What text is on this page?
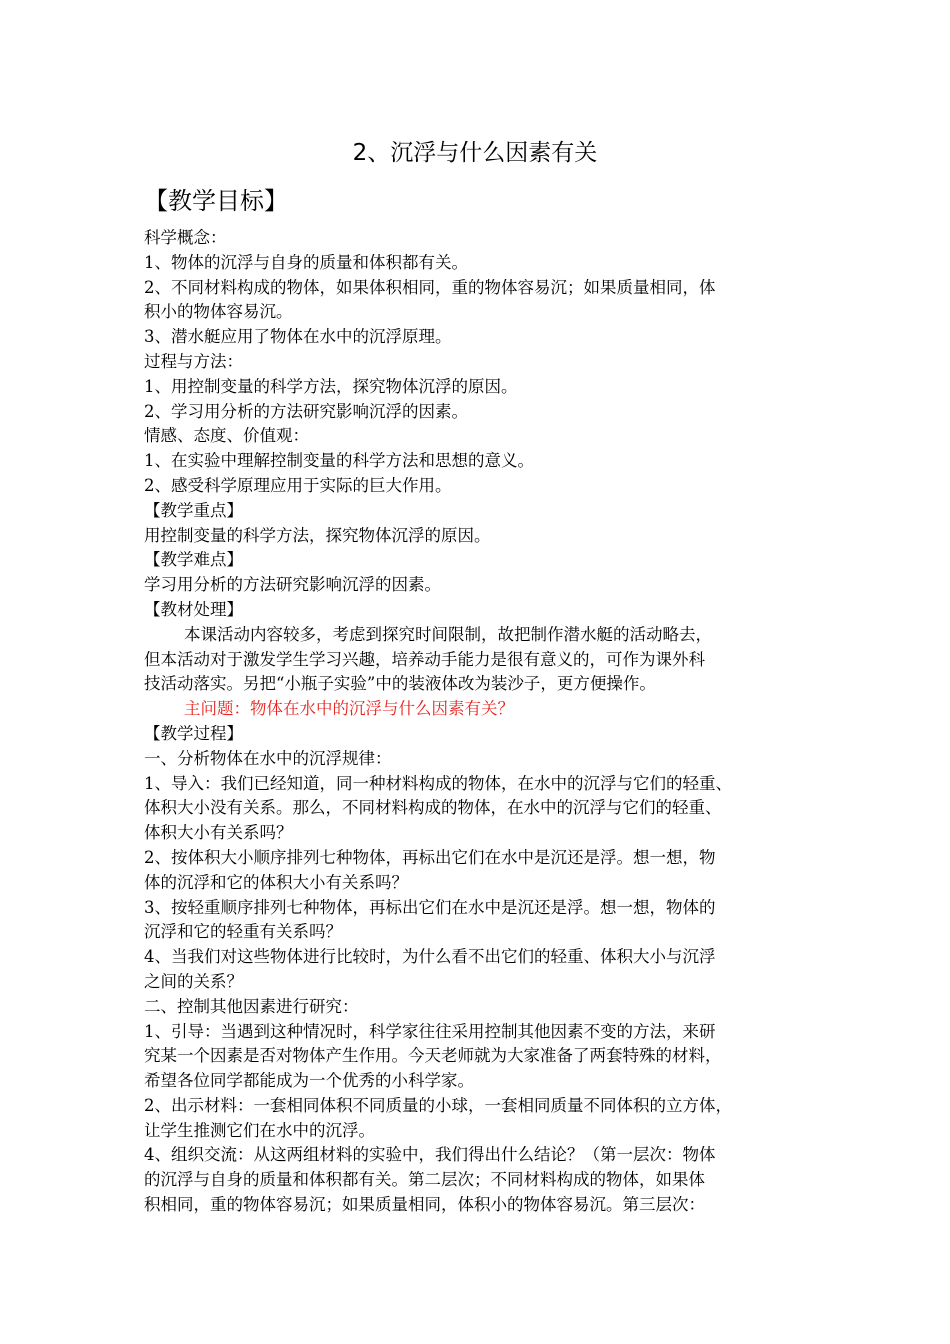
2、沉浮与什么因素有关
【教学目标】

科学概念：

1、物体的沉浮与自身的质量和体积都有关。

2、不同材料构成的物体，如果体积相同，重的物体容易沉；如果质量相同，体

积小的物体容易沉。

3、潜水艇应用了物体在水中的沉浮原理。

过程与方法：

1、用控制变量的科学方法，探究物体沉浮的原因。

2、学习用分析的方法研究影响沉浮的因素。

情感、态度、价值观：

1、在实验中理解控制变量的科学方法和思想的意义。

2、感受科学原理应用于实际的巨大作用。

【教学重点】

用控制变量的科学方法，探究物体沉浮的原因。

【教学难点】

学习用分析的方法研究影响沉浮的因素。

【教材处理】

本课活动内容较多，考虑到探究时间限制，故把制作潜水艇的活动略去，

但本活动对于激发学生学习兴趣，培养动手能力是很有意义的，可作为课外科

技活动落实。另把“小瓶子实验”中的装液体改为装沙子，更方便操作。

主问题：物体在水中的沉浮与什么因素有关？

【教学过程】

一、分析物体在水中的沉浮规律：

1、导入：我们已经知道，同一种材料构成的物体，在水中的沉浮与它们的轻重、

体积大小没有关系。那么，不同材料构成的物体，在水中的沉浮与它们的轻重、

体积大小有关系吗？

2、按体积大小顺序排列七种物体，再标出它们在水中是沉还是浮。想一想，物

体的沉浮和它的体积大小有关系吗？

3、按轻重顺序排列七种物体，再标出它们在水中是沉还是浮。想一想，物体的

沉浮和它的轻重有关系吗？

4、当我们对这些物体进行比较时，为什么看不出它们的轻重、体积大小与沉浮

之间的关系？

二、控制其他因素进行研究：

1、引导：当遇到这种情况时，科学家往往采用控制其他因素不变的方法，来研

究某一个因素是否对物体产生作用。今天老师就为大家准备了两套特殊的材料，

希望各位同学都能成为一个优秀的小科学家。

2、出示材料：一套相同体积不同质量的小球，一套相同质量不同体积的立方体，

让学生推测它们在水中的沉浮。

4、组织交流：从这两组材料的实验中，我们得出什么结论？（第一层次：物体

的沉浮与自身的质量和体积都有关。第二层次；不同材料构成的物体，如果体

积相同，重的物体容易沉；如果质量相同，体积小的物体容易沉。第三层次：
